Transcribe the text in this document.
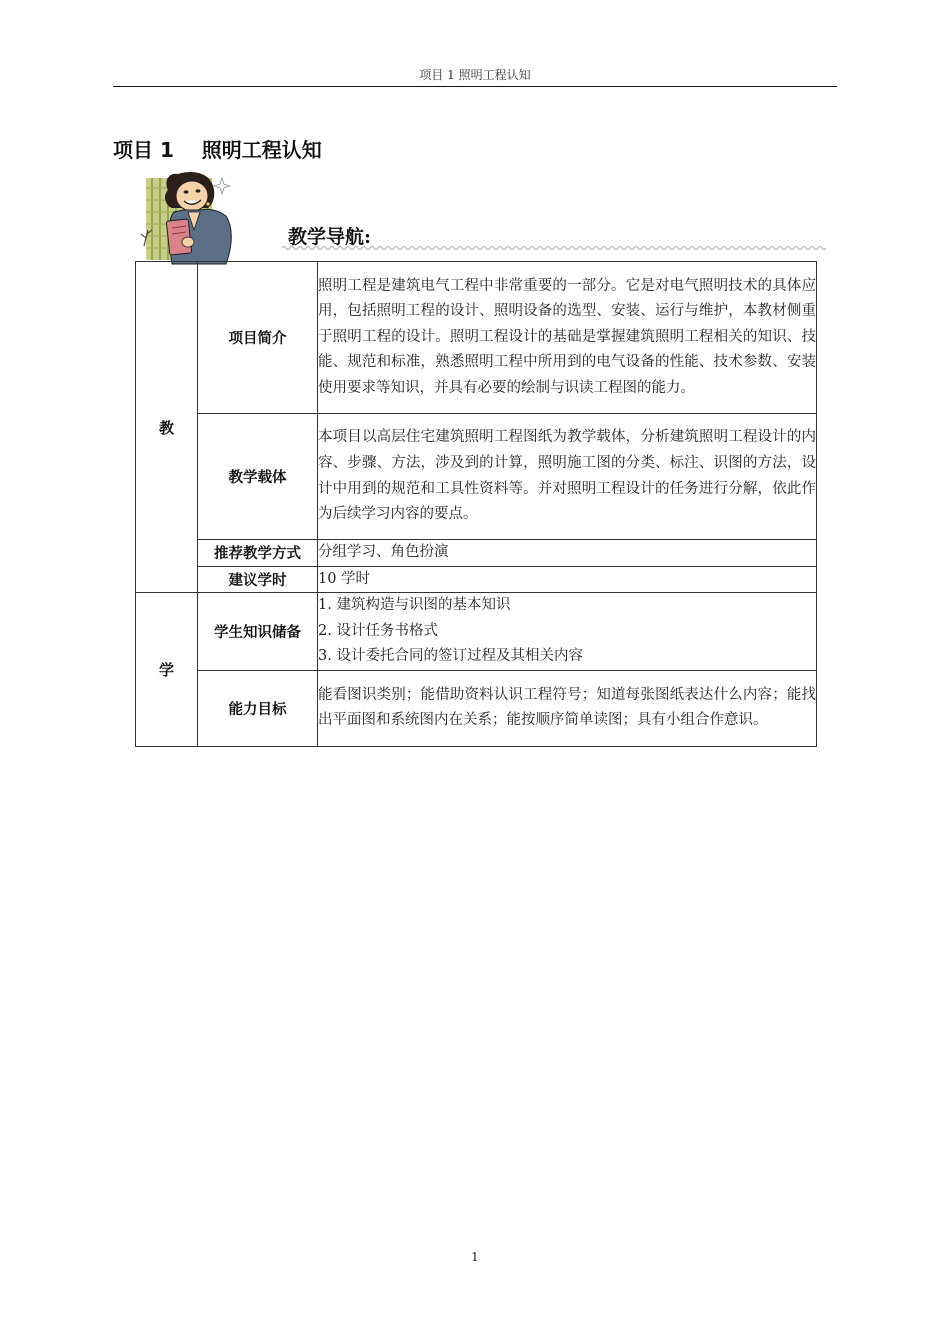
项目 1 照明工程认知
项目 1    照明工程认知
教学导航:
教	项目简介	照明工程是建筑电气工程中非常重要的一部分。它是对电气照明技术的具体应用，包括照明工程的设计、照明设备的选型、安装、运行与维护，本教材侧重于照明工程的设计。照明工程设计的基础是掌握建筑照明工程相关的知识、技能、规范和标准，熟悉照明工程中所用到的电气设备的性能、技术参数、安装使用要求等知识，并具有必要的绘制与识读工程图的能力。
	教学载体	本项目以高层住宅建筑照明工程图纸为教学载体，分析建筑照明工程设计的内容、步骤、方法，涉及到的计算，照明施工图的分类、标注、识图的方法，设计中用到的规范和工具性资料等。并对照明工程设计的任务进行分解，依此作为后续学习内容的要点。
	推荐教学方式	分组学习、角色扮演
	建议学时	10 学时
学	学生知识储备	1. 建筑构造与识图的基本知识
2. 设计任务书格式
3. 设计委托合同的签订过程及其相关内容

	能力目标	能看图识类别；能借助资料认识工程符号；知道每张图纸表达什么内容；能找出平面图和系统图内在关系；能按顺序简单读图；具有小组合作意识。
1
